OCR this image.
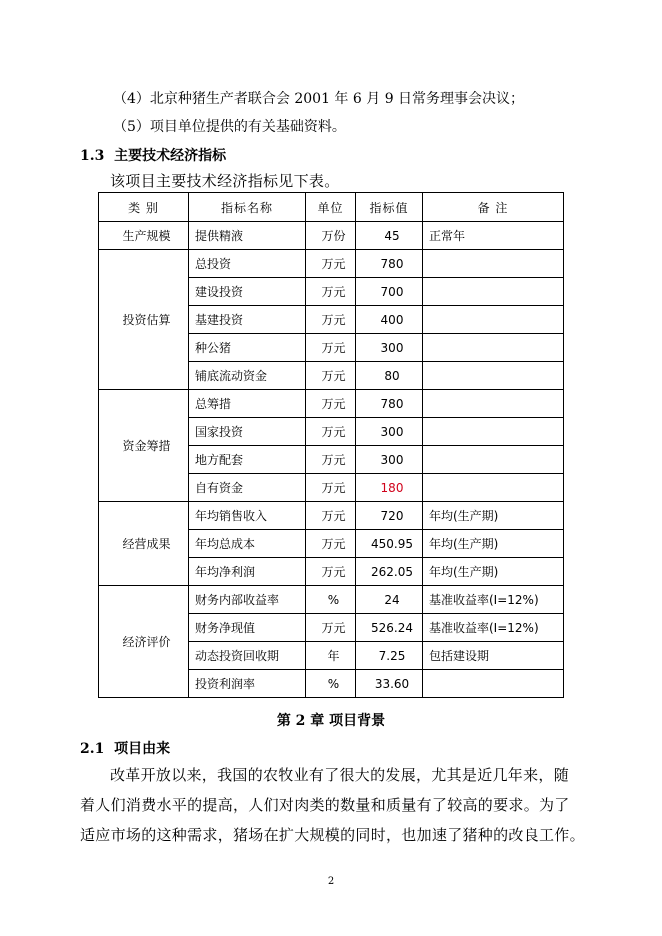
（4）北京种猪生产者联合会 2001 年 6 月 9 日常务理事会决议；
（5）项目单位提供的有关基础资料。
1.3 主要技术经济指标
该项目主要技术经济指标见下表。
类 别	指标名称	单位	指标值	备 注
生产规模	提供精液	万份	45	正常年
投资估算	总投资	万元	780	
	建设投资	万元	700	
	基建投资	万元	400	
	种公猪	万元	300	
	铺底流动资金	万元	80	
资金筹措	总筹措	万元	780	
	国家投资	万元	300	
	地方配套	万元	300	
	自有资金	万元	180	
经营成果	年均销售收入	万元	720	年均(生产期)
	年均总成本	万元	450.95	年均(生产期)
	年均净利润	万元	262.05	年均(生产期)
经济评价	财务内部收益率	%	24	基准收益率(I=12%)
	财务净现值	万元	526.24	基准收益率(I=12%)
	动态投资回收期	年	7.25	包括建设期
	投资利润率	%	33.60	
第 2 章 项目背景
2.1 项目由来
改革开放以来，我国的农牧业有了很大的发展，尤其是近几年来，随
着人们消费水平的提高，人们对肉类的数量和质量有了较高的要求。为了
适应市场的这种需求，猪场在扩大规模的同时，也加速了猪种的改良工作。
2
